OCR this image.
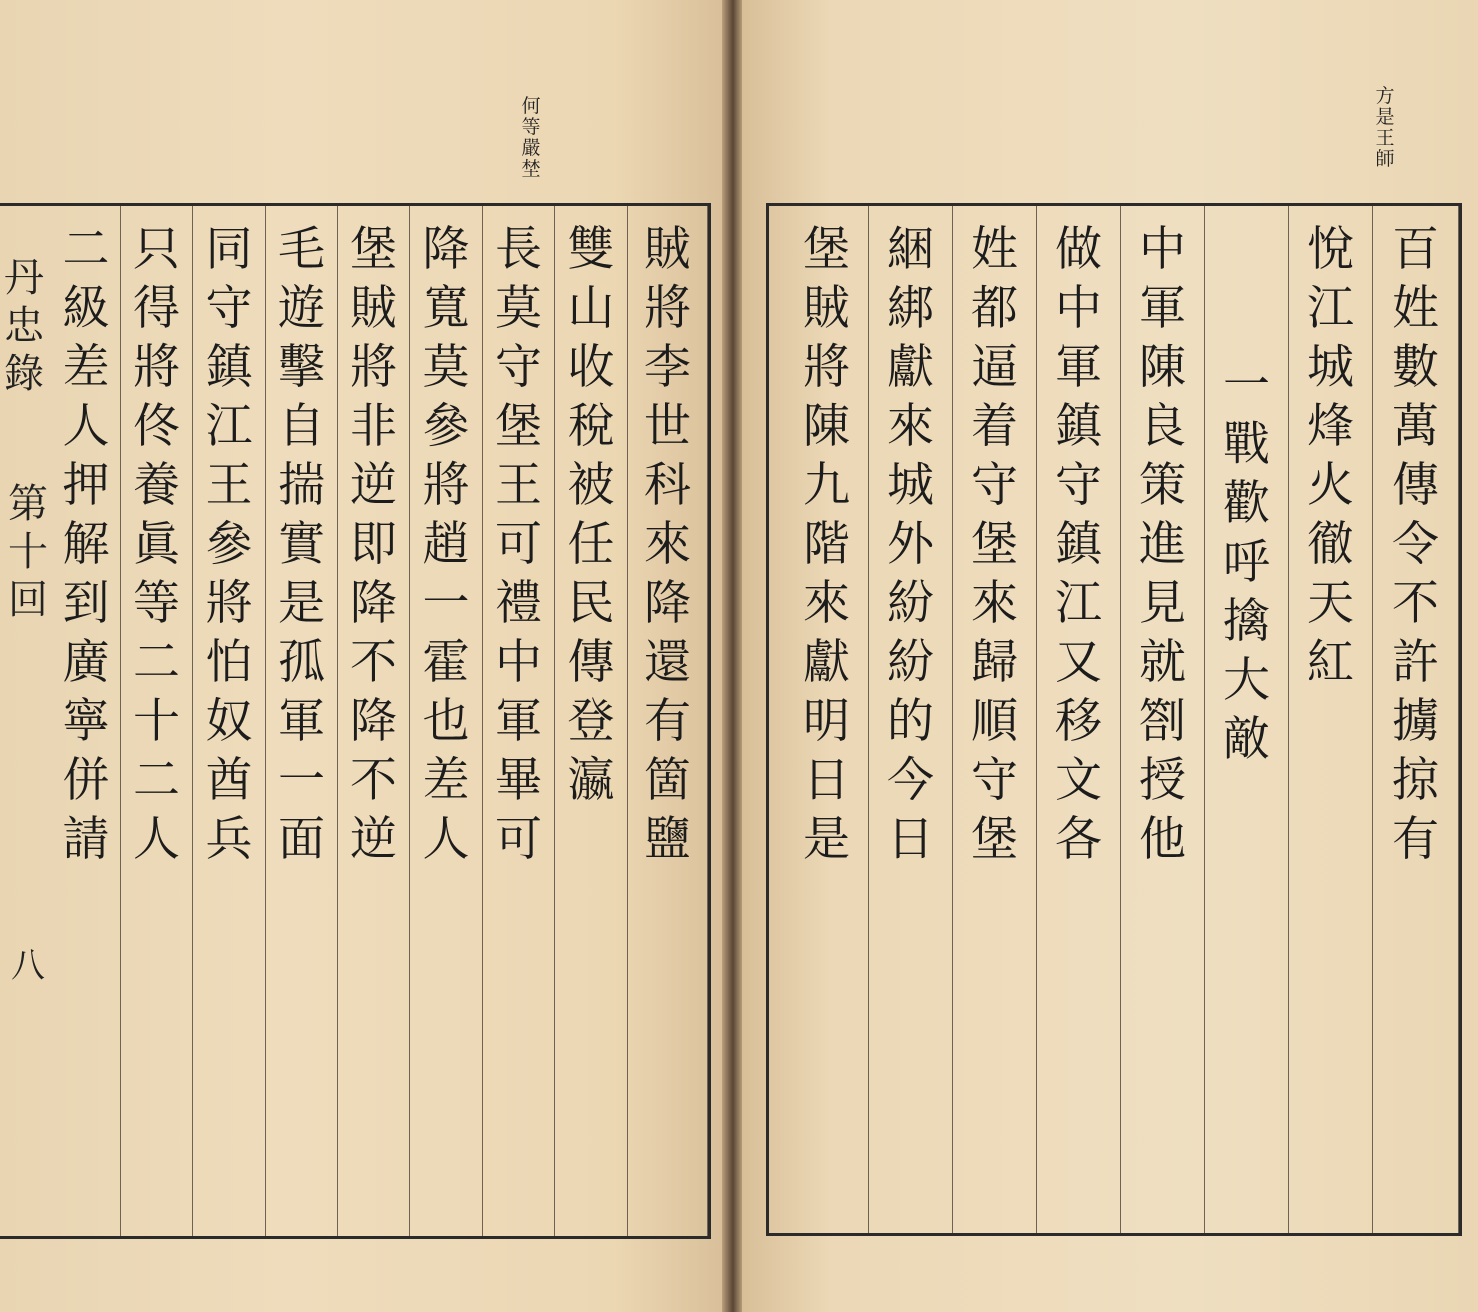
何
等
嚴
埜
丹
忠
錄
第
十
回
八
賊
將
李
世
科
來
降
還
有
箇
鹽
雙
山
收
稅
被
任
民
傳
登
瀛
長
莫
守
堡
王
可
禮
中
軍
畢
可
降
寬
莫
參
將
趙
一
霍
也
差
人
堡
賊
將
非
逆
即
降
不
降
不
逆
毛
遊
擊
自
揣
實
是
孤
軍
一
面
同
守
鎮
江
王
參
將
怕
奴
酋
兵
只
得
將
佟
養
眞
等
二
十
二
人
二
級
差
人
押
解
到
廣
寧
併
請
方
是
王
師
百
姓
數
萬
傳
令
不
許
擄
掠
有
悅
江
城
烽
火
徹
天
紅
一
戰
歡
呼
擒
大
敵
中
軍
陳
良
策
進
見
就
劄
授
他
做
中
軍
鎮
守
鎮
江
又
移
文
各
姓
都
逼
着
守
堡
來
歸
順
守
堡
綑
綁
獻
來
城
外
紛
紛
的
今
日
堡
賊
將
陳
九
階
來
獻
明
日
是
